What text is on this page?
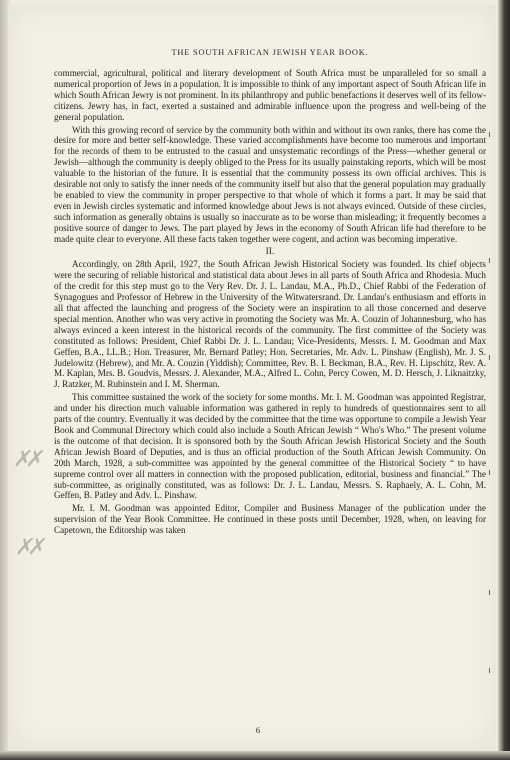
THE SOUTH AFRICAN JEWISH YEAR BOOK.

commercial, agricultural, political and literary development of South Africa must be unparalleled for so small a numerical proportion of Jews in a population. It is impossible to think of any important aspect of South African life in which South African Jewry is not prominent. In its philanthropy and public benefactions it deserves well of its fellow-citizens. Jewry has, in fact, exerted a sustained and admirable influence upon the progress and well-being of the general population.

With this growing record of service by the community both within and without its own ranks, there has come the desire for more and better self-knowledge. These varied accomplishments have become too numerous and important for the records of them to be entrusted to the casual and unsystematic recordings of the Press—whether general or Jewish—although the community is deeply obliged to the Press for its usually painstaking reports, which will be most valuable to the historian of the future. It is essential that the community possess its own official archives. This is desirable not only to satisfy the inner needs of the community itself but also that the general population may gradually be enabled to view the community in proper perspective to that whole of which it forms a part. It may be said that even in Jewish circles systematic and informed knowledge about Jews is not always evinced. Outside of these circles, such information as generally obtains is usually so inaccurate as to be worse than misleading; it frequently becomes a positive source of danger to Jews. The part played by Jews in the economy of South African life had therefore to be made quite clear to everyone. All these facts taken together were cogent, and action was becoming imperative.

II.

Accordingly, on 28th April, 1927, the South African Jewish Historical Society was founded. Its chief objects were the securing of reliable historical and statistical data about Jews in all parts of South Africa and Rhodesia. Much of the credit for this step must go to the Very Rev. Dr. J. L. Landau, M.A., Ph.D., Chief Rabbi of the Federation of Synagogues and Professor of Hebrew in the University of the Witwatersrand. Dr. Landau's enthusiasm and efforts in all that affected the launching and progress of the Society were an inspiration to all those concerned and deserve special mention. Another who was very active in promoting the Society was Mr. A. Couzin of Johannesburg, who has always evinced a keen interest in the historical records of the community. The first committee of the Society was constituted as follows: President, Chief Rabbi Dr. J. L. Landau; Vice-Presidents, Messrs. I. M. Goodman and Max Geffen, B.A., LL.B.; Hon. Treasurer, Mr. Bernard Patley; Hon. Secretaries, Mr. Adv. L. Pinshaw (English), Mr. J. S. Judelowitz (Hebrew), and Mr. A. Couzin (Yiddish); Committee, Rev. B. I. Beckman, B.A., Rev. H. Lipschitz, Rev. A. M. Kaplan, Mrs. B. Goudvis, Messrs. J. Alexander, M.A., Alfred L. Cohn, Percy Cowen, M. D. Hersch, J. Liknaitzky, J. Ratzker, M. Rubinstein and I. M. Sherman.

This committee sustained the work of the society for some months. Mr. I. M. Goodman was appointed Registrar, and under his direction much valuable information was gathered in reply to hundreds of questionnaires sent to all parts of the country. Eventually it was decided by the committee that the time was opportune to compile a Jewish Year Book and Communal Directory which could also include a South African Jewish “ Who's Who.” The present volume is the outcome of that decision. It is sponsored both by the South African Jewish Historical Society and the South African Jewish Board of Deputies, and is thus an official production of the South African Jewish Community. On 20th March, 1928, a sub-committee was appointed by the general committee of the Historical Society “ to have supreme control over all matters in connection with the proposed publication, editorial, business and financial.” The sub-committee, as originally constituted, was as follows: Dr. J. L. Landau, Messrs. S. Raphaely, A. L. Cohn, M. Geffen, B. Patley and Adv. L. Pinshaw.

Mr. I. M. Goodman was appointed Editor, Compiler and Business Manager of the publication under the supervision of the Year Book Committee. He continued in these posts until December, 1928, when, on leaving for Capetown, the Editorship was taken

6
✗✗
✗✗
